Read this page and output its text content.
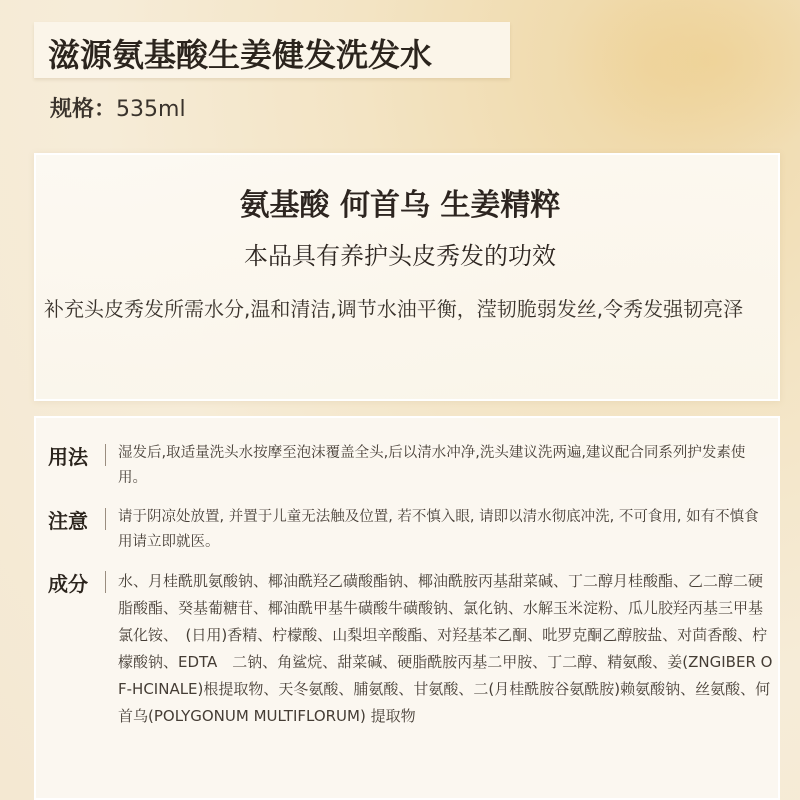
滋源氨基酸生姜健发洗发水
规格：535ml
氨基酸 何首乌 生姜精粹
本品具有养护头皮秀发的功效
补充头皮秀发所需水分,温和清洁,调节水油平衡，滢韧脆弱发丝,令秀发强韧亮泽
用法 湿发后,取适量洗头水按摩至泡沫覆盖全头,后以清水冲净,洗头建议洗两遍,建议配合同系列护发素使用。
注意 请于阴凉处放置, 并置于儿童无法触及位置, 若不慎入眼, 请即以清水彻底冲洗, 不可食用, 如有不慎食用请立即就医。
成分 水、月桂酰肌氨酸钠、椰油酰羟乙磺酸酯钠、椰油酰胺丙基甜菜碱、丁二醇月桂酸酯、乙二醇二硬脂酸酯、癸基葡糖苷、椰油酰甲基牛磺酸牛磺酸钠、氯化钠、水解玉米淀粉、瓜儿胶羟丙基三甲基氯化铵、　(日用)香精、柠檬酸、山梨坦辛酸酯、对羟基苯乙酮、吡罗克酮乙醇胺盐、对茴香酸、柠檬酸钠、EDTA　二钠、角鲨烷、甜菜碱、硬脂酰胺丙基二甲胺、丁二醇、精氨酸、姜(ZNGIBER OF-HCINALE)根提取物、天冬氨酸、脯氨酸、甘氨酸、二(月桂酰胺谷氨酰胺)赖氨酸钠、丝氨酸、何首乌(POLYGONUM MULTIFLORUM) 提取物
